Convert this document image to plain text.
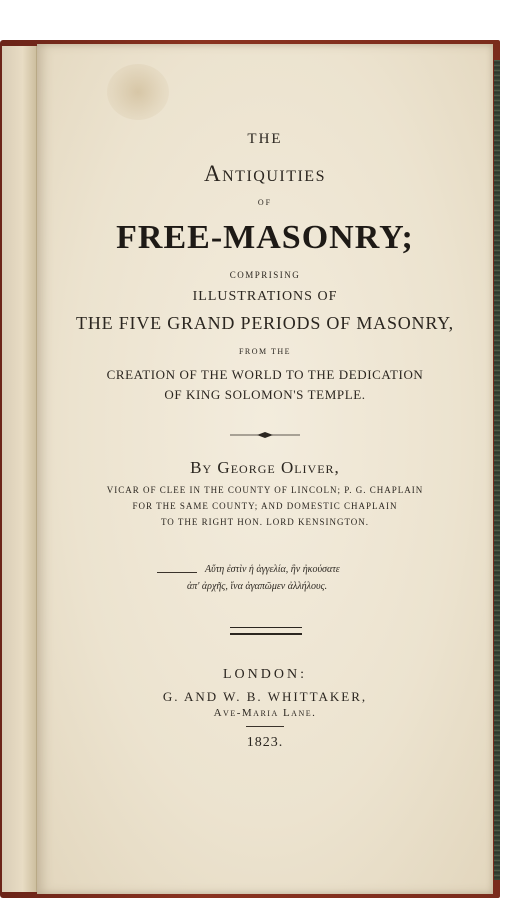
THE
Antiquities
OF
FREE-MASONRY;
COMPRISING
ILLUSTRATIONS OF
THE FIVE GRAND PERIODS OF MASONRY,
FROM THE
CREATION OF THE WORLD TO THE DEDICATION
OF KING SOLOMON'S TEMPLE.
By George Oliver,
VICAR OF CLEE IN THE COUNTY OF LINCOLN; P. G. CHAPLAIN
FOR THE SAME COUNTY; AND DOMESTIC CHAPLAIN
TO THE RIGHT HON. LORD KENSINGTON.
Αὕτη ἐστὶν ἡ ἀγγελία, ἣν ἠκούσατε
ἀπ' ἀρχῆς, ἵνα ἀγαπῶμεν ἀλλήλους.
LONDON:
G. AND W. B. WHITTAKER,
Ave-Maria Lane.
1823.
